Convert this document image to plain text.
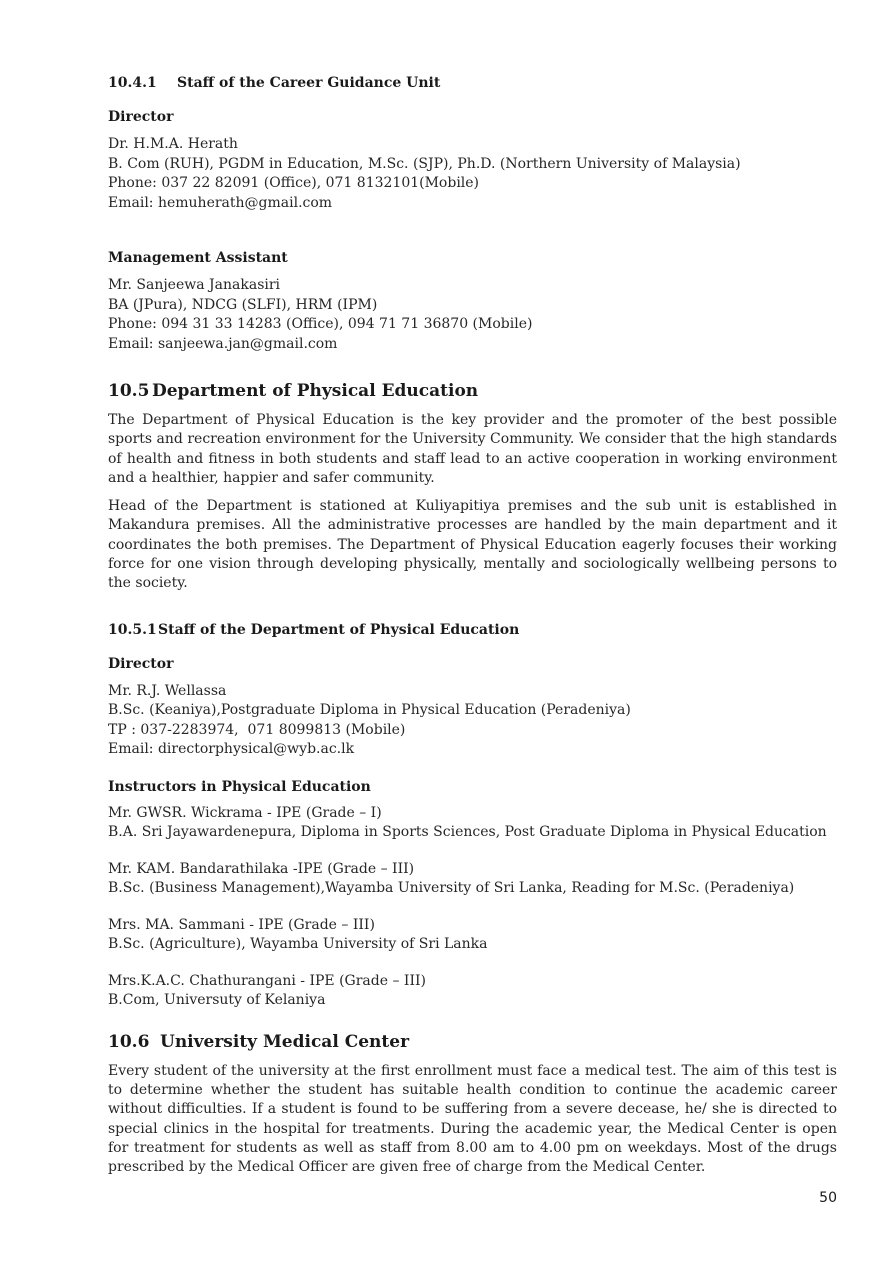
10.4.1 Staff of the Career Guidance Unit
Director

Dr. H.M.A. Herath

B. Com (RUH), PGDM in Education, M.Sc. (SJP), Ph.D. (Northern University of Malaysia)

Phone: 037 22 82091 (Office), 071 8132101(Mobile)

Email: hemuherath@gmail.com

Management Assistant

Mr. Sanjeewa Janakasiri

BA (JPura), NDCG (SLFI), HRM (IPM)

Phone: 094 31 33 14283 (Office), 094 71 71 36870 (Mobile)

Email: sanjeewa.jan@gmail.com

10.5 Department of Physical Education

The Department of Physical Education is the key provider and the promoter of the best possible sports and recreation environment for the University Community. We consider that the high standards of health and fitness in both students and staff lead to an active cooperation in working environment and a healthier, happier and safer community.

Head of the Department is stationed at Kuliyapitiya premises and the sub unit is established in Makandura premises. All the administrative processes are handled by the main department and it coordinates the both premises. The Department of Physical Education eagerly focuses their working force for one vision through developing physically, mentally and sociologically wellbeing persons to the society.

10.5.1Staff of the Department of Physical Education
Director

Mr. R.J. Wellassa

B.Sc. (Keaniya),Postgraduate Diploma in Physical Education (Peradeniya)

TP : 037-2283974,  071 8099813 (Mobile)

Email: directorphysical@wyb.ac.lk

Instructors in Physical Education

Mr. GWSR. Wickrama - IPE (Grade – I)

B.A. Sri Jayawardenepura, Diploma in Sports Sciences, Post Graduate Diploma in Physical Education

Mr. KAM. Bandarathilaka -IPE (Grade – III)

B.Sc. (Business Management),Wayamba University of Sri Lanka, Reading for M.Sc. (Peradeniya)

Mrs. MA. Sammani - IPE (Grade – III)

B.Sc. (Agriculture), Wayamba University of Sri Lanka

Mrs.K.A.C. Chathurangani - IPE (Grade – III)

B.Com, Universuty of Kelaniya

10.6 University Medical Center

Every student of the university at the first enrollment must face a medical test. The aim of this test is to determine whether the student has suitable health condition to continue the academic career without difficulties. If a student is found to be suffering from a severe decease, he/ she is directed to special clinics in the hospital for treatments. During the academic year, the Medical Center is open for treatment for students as well as staff from 8.00 am to 4.00 pm on weekdays. Most of the drugs prescribed by the Medical Officer are given free of charge from the Medical Center.

50
